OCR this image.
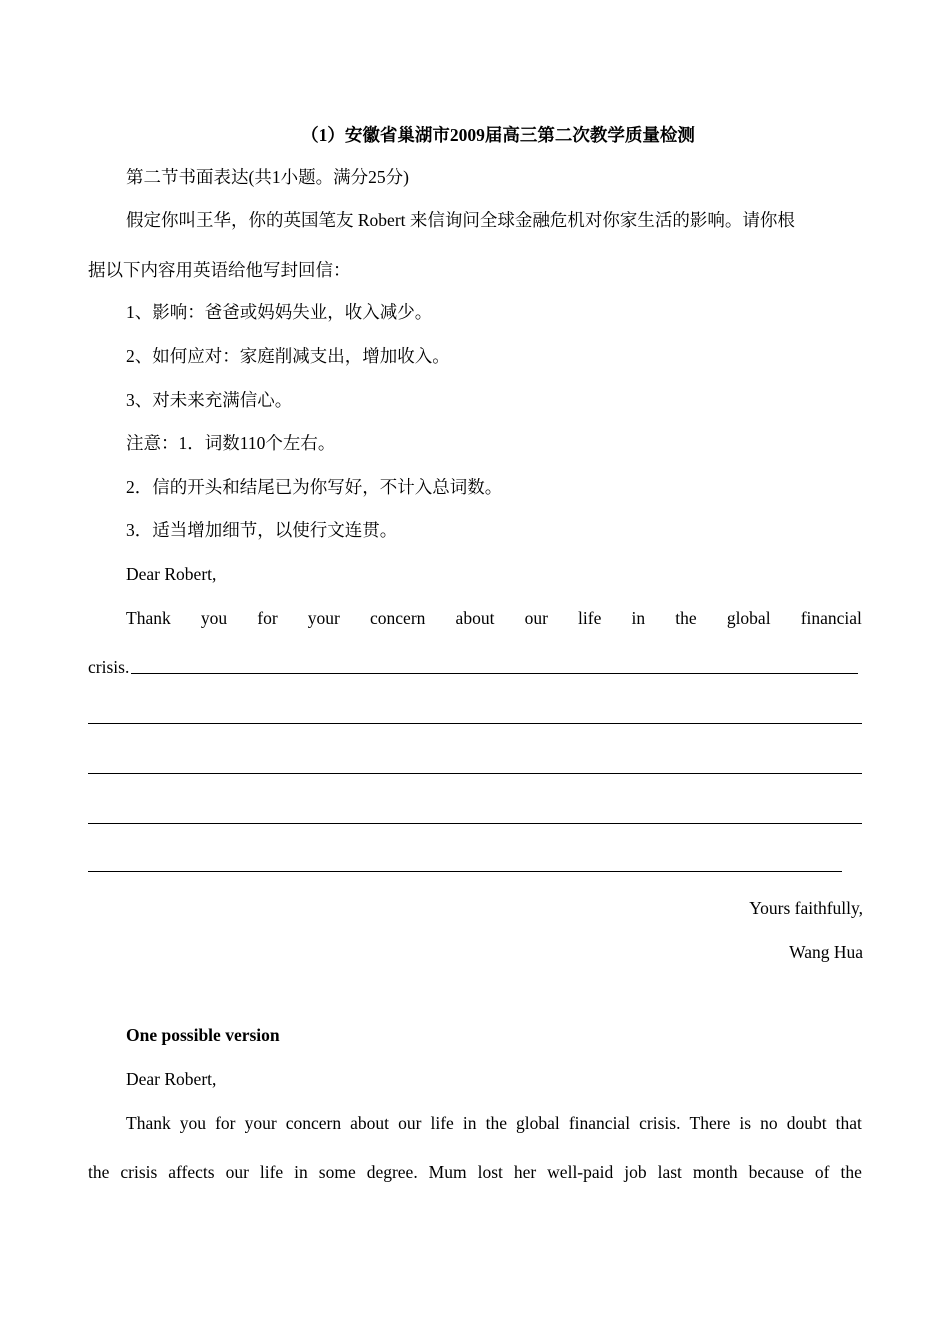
（1）安徽省巢湖市2009届高三第二次教学质量检测
第二节书面表达(共1小题。满分25分)
假定你叫王华，你的英国笔友 Robert 来信询问全球金融危机对你家生活的影响。请你根
据以下内容用英语给他写封回信：
1、影响：爸爸或妈妈失业，收入减少。
2、如何应对：家庭削减支出，增加收入。
3、对未来充满信心。
注意：1．词数110个左右。
2．信的开头和结尾已为你写好，不计入总词数。
3．适当增加细节，以使行文连贯。
Dear Robert,
Thank you for your concern about our life in the global financial
crisis.
Yours faithfully,
Wang Hua
One possible version
Dear Robert,
Thank you for your concern about our life in the global financial crisis. There is no doubt that
the crisis affects our life in some degree. Mum lost her well-paid job last month because of the
